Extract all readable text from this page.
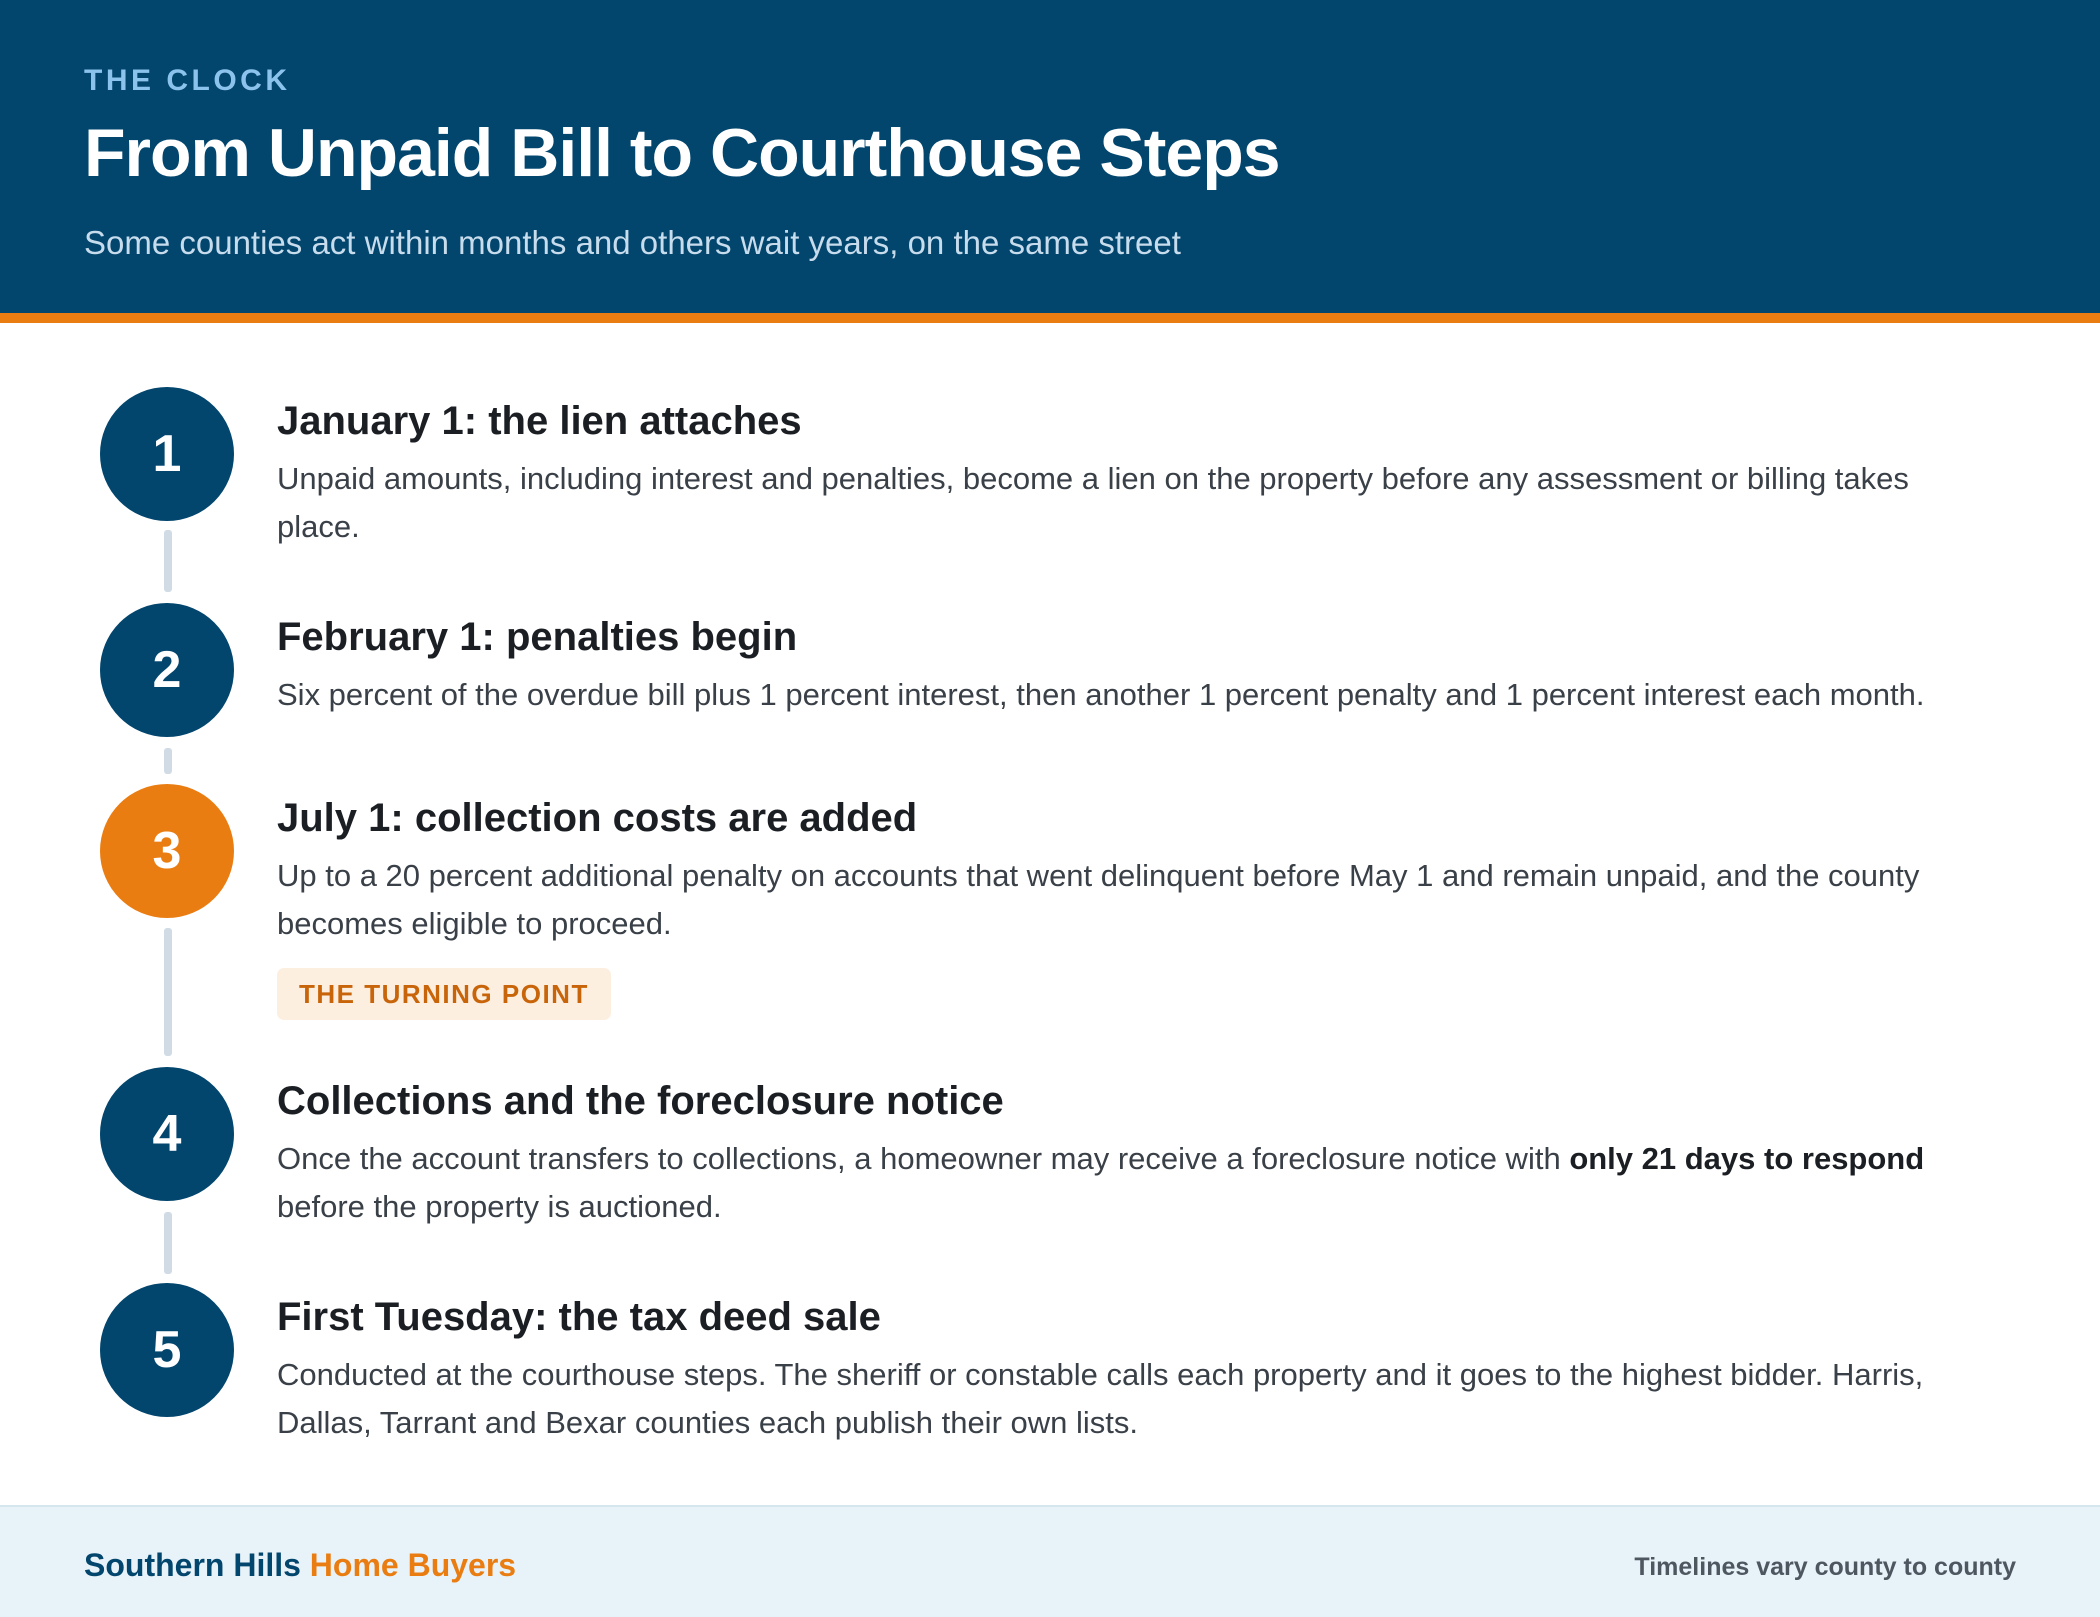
THE CLOCK
From Unpaid Bill to Courthouse Steps
Some counties act within months and others wait years, on the same street
1
January 1: the lien attaches
Unpaid amounts, including interest and penalties, become a lien on the property before any assessment or billing takes place.
2
February 1: penalties begin
Six percent of the overdue bill plus 1 percent interest, then another 1 percent penalty and 1 percent interest each month.
3
July 1: collection costs are added
Up to a 20 percent additional penalty on accounts that went delinquent before May 1 and remain unpaid, and the county becomes eligible to proceed.
THE TURNING POINT
4
Collections and the foreclosure notice
Once the account transfers to collections, a homeowner may receive a foreclosure notice with only 21 days to respond before the property is auctioned.
5
First Tuesday: the tax deed sale
Conducted at the courthouse steps. The sheriff or constable calls each property and it goes to the highest bidder. Harris, Dallas, Tarrant and Bexar counties each publish their own lists.
Southern Hills Home Buyers	Timelines vary county to county
